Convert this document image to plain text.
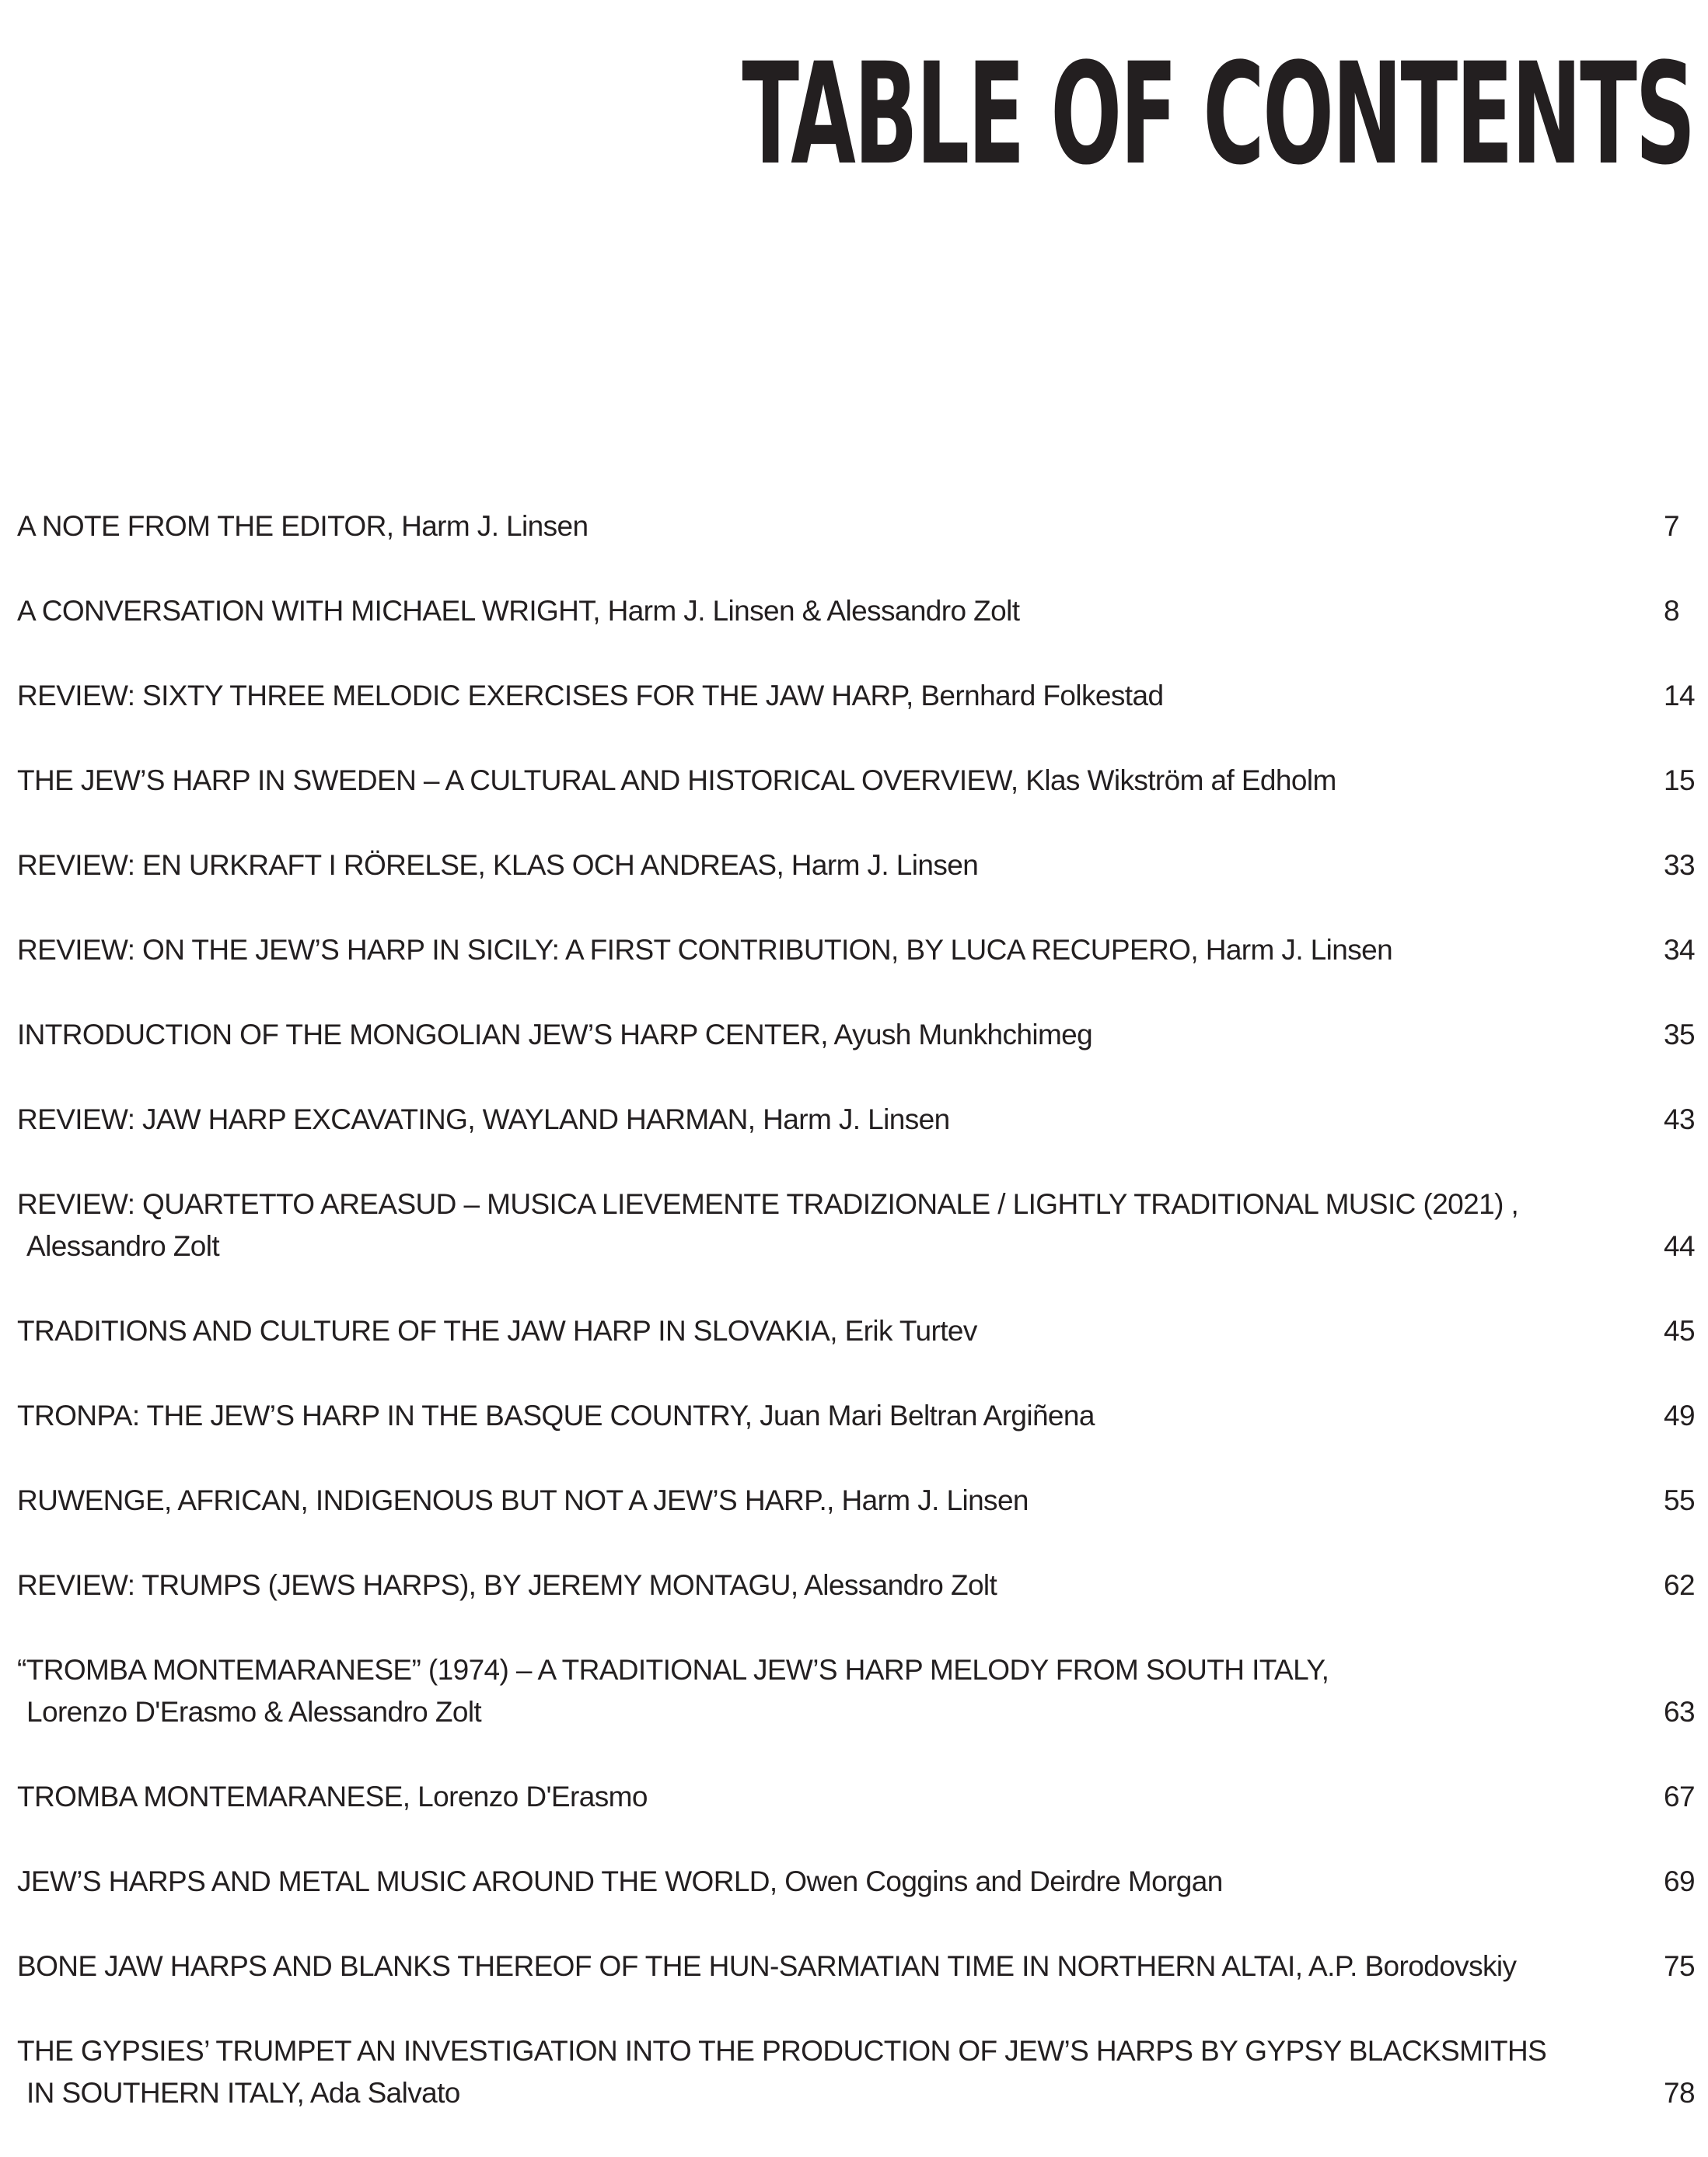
TABLE OF CONTENTS
A NOTE FROM THE EDITOR, Harm J. Linsen	7
A CONVERSATION WITH MICHAEL WRIGHT, Harm J. Linsen & Alessandro Zolt	8
REVIEW: SIXTY THREE MELODIC EXERCISES FOR THE JAW HARP, Bernhard Folkestad	14
THE JEW’S HARP IN SWEDEN – A CULTURAL AND HISTORICAL OVERVIEW, Klas Wikström af Edholm	15
REVIEW: EN URKRAFT I RÖRELSE, KLAS OCH ANDREAS, Harm J. Linsen	33
REVIEW: ON THE JEW’S HARP IN SICILY: A FIRST CONTRIBUTION, BY LUCA RECUPERO, Harm J. Linsen	34
INTRODUCTION OF THE MONGOLIAN JEW’S HARP CENTER, Ayush Munkhchimeg	35
REVIEW: JAW HARP EXCAVATING, WAYLAND HARMAN, Harm J. Linsen	43
REVIEW: QUARTETTO AREASUD – MUSICA LIEVEMENTE TRADIZIONALE / LIGHTLY TRADITIONAL MUSIC (2021) ,
Alessandro Zolt	44
TRADITIONS AND CULTURE OF THE JAW HARP IN SLOVAKIA, Erik Turtev	45
TRONPA: THE JEW’S HARP IN THE BASQUE COUNTRY, Juan Mari Beltran Argiñena	49
RUWENGE, AFRICAN, INDIGENOUS BUT NOT A JEW’S HARP., Harm J. Linsen	55
REVIEW: TRUMPS (JEWS HARPS), BY JEREMY MONTAGU, Alessandro Zolt	62
“TROMBA MONTEMARANESE” (1974) – A TRADITIONAL JEW’S HARP MELODY FROM SOUTH ITALY,
Lorenzo D'Erasmo & Alessandro Zolt	63
TROMBA MONTEMARANESE, Lorenzo D'Erasmo	67
JEW’S HARPS AND METAL MUSIC AROUND THE WORLD, Owen Coggins and Deirdre Morgan	69
BONE JAW HARPS AND BLANKS THEREOF OF THE HUN-SARMATIAN TIME IN NORTHERN ALTAI, A.P. Borodovskiy	75
THE GYPSIES’ TRUMPET AN INVESTIGATION INTO THE PRODUCTION OF JEW’S HARPS BY GYPSY BLACKSMITHS
IN SOUTHERN ITALY, Ada Salvato	78
